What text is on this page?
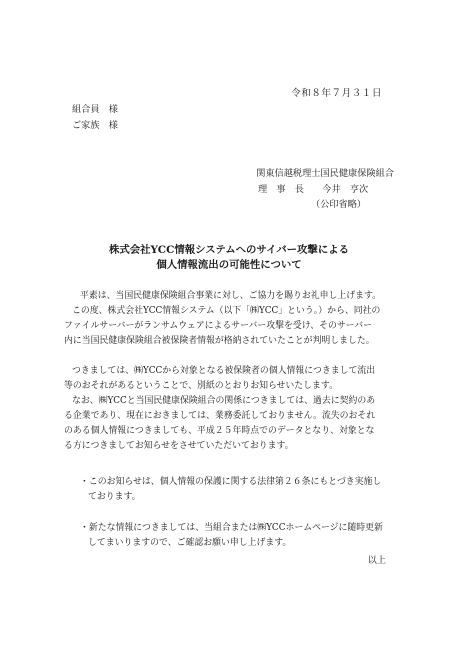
令和８年７月３１日
組合員　様
ご家族　様
関東信越税理士国民健康保険組合
理　事　長　　今井　亨次
（公印省略）
株式会社YCC情報システムへのサイバー攻撃による
個人情報流出の可能性について
平素は、当国民健康保険組合事業に対し、ご協力を賜りお礼申し上げます。
この度、株式会社YCC情報システム（以下「㈱YCC」という。）から、同社の
ファイルサーバーがランサムウェアによるサーバー攻撃を受け、そのサーバー
内に当国民健康保険組合被保険者情報が格納されていたことが判明しました。
つきましては、㈱YCCから対象となる被保険者の個人情報につきまして流出
等のおそれがあるということで、別紙のとおりお知らせいたします。
なお、㈱YCCと当国民健康保険組合の関係につきましては、過去に契約のあ
る企業であり、現在におきましては、業務委託しておりません。流失のおそれ
のある個人情報につきましても、平成２５年時点でのデータとなり、対象とな
る方につきましてお知らせをさせていただいております。
・このお知らせは、個人情報の保護に関する法律第２６条にもとづき実施し
ております。
・新たな情報につきましては、当組合または㈱YCCホームページに随時更新
してまいりますので、ご確認お願い申し上げます。
以上
